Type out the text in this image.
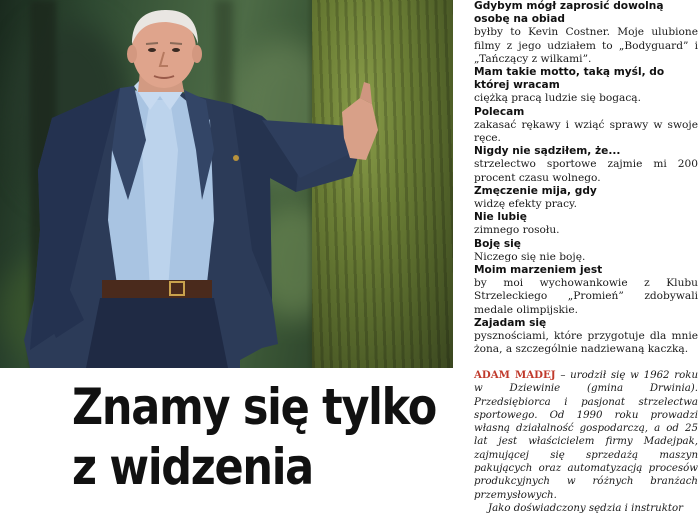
Gdybym mógł zaprosić dowolną osobę na obiad

byłby to Kevin Costner. Moje ulubione filmy z jego udziałem to „Bodyguard” i „Tańczący z wilkami”.

Mam takie motto, taką myśl, do której wracam

ciężką pracą ludzie się bogacą.

Polecam

zakasać rękawy i wziąć sprawy w swoje ręce.

Nigdy nie sądziłem, że...

strzelectwo sportowe zajmie mi 200 procent czasu wolnego.

Zmęczenie mija, gdy

widzę efekty pracy.

Nie lubię

zimnego rosołu.

Boję się

Niczego się nie boję.

Moim marzeniem jest

by moi wychowankowie z Klubu Strzeleckiego „Promień” zdobywali medale olimpijskie.

Zajadam się

pysznościami, które przygotuje dla mnie żona, a szczególnie nadziewaną kaczką.

Znamy się tylko
z widzenia

ADAM MADEJ – urodził się w 1962 roku w Dziewinie (gmina Drwinia). Przedsiębiorca i pasjonat strzelectwa sportowego. Od 1990 roku prowadzi własną działalność gospodarczą, a od 25 lat jest właścicielem firmy Madejpak, zajmującej się sprzedażą maszyn pakujących oraz automatyzacją procesów produkcyjnych w różnych branżach przemysłowych.

Jako doświadczony sędzia i instruktor
